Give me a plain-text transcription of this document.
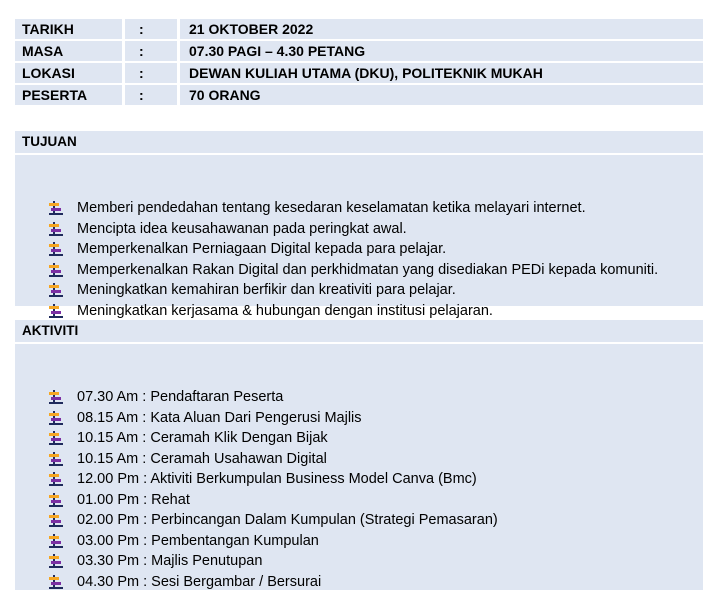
TARIKH	:	21 OKTOBER 2022
MASA	:	07.30 PAGI – 4.30 PETANG
LOKASI	:	DEWAN KULIAH UTAMA (DKU), POLITEKNIK MUKAH
PESERTA	:	70 ORANG
TUJUAN
Memberi pendedahan tentang kesedaran keselamatan ketika melayari internet.
Mencipta idea keusahawanan pada peringkat awal.
Memperkenalkan Perniagaan Digital kepada para pelajar.
Memperkenalkan Rakan Digital dan perkhidmatan yang disediakan PEDi kepada komuniti.
Meningkatkan kemahiran berfikir dan kreativiti para pelajar.
Meningkatkan kerjasama & hubungan dengan institusi pelajaran.
AKTIVITI
07.30 Am : Pendaftaran Peserta
08.15 Am : Kata Aluan Dari Pengerusi Majlis
10.15 Am : Ceramah Klik Dengan Bijak
10.15 Am : Ceramah Usahawan Digital
12.00 Pm : Aktiviti Berkumpulan Business Model Canva (Bmc)
01.00 Pm : Rehat
02.00 Pm : Perbincangan Dalam Kumpulan (Strategi Pemasaran)
03.00 Pm : Pembentangan Kumpulan
03.30 Pm : Majlis Penutupan
04.30 Pm : Sesi Bergambar / Bersurai
